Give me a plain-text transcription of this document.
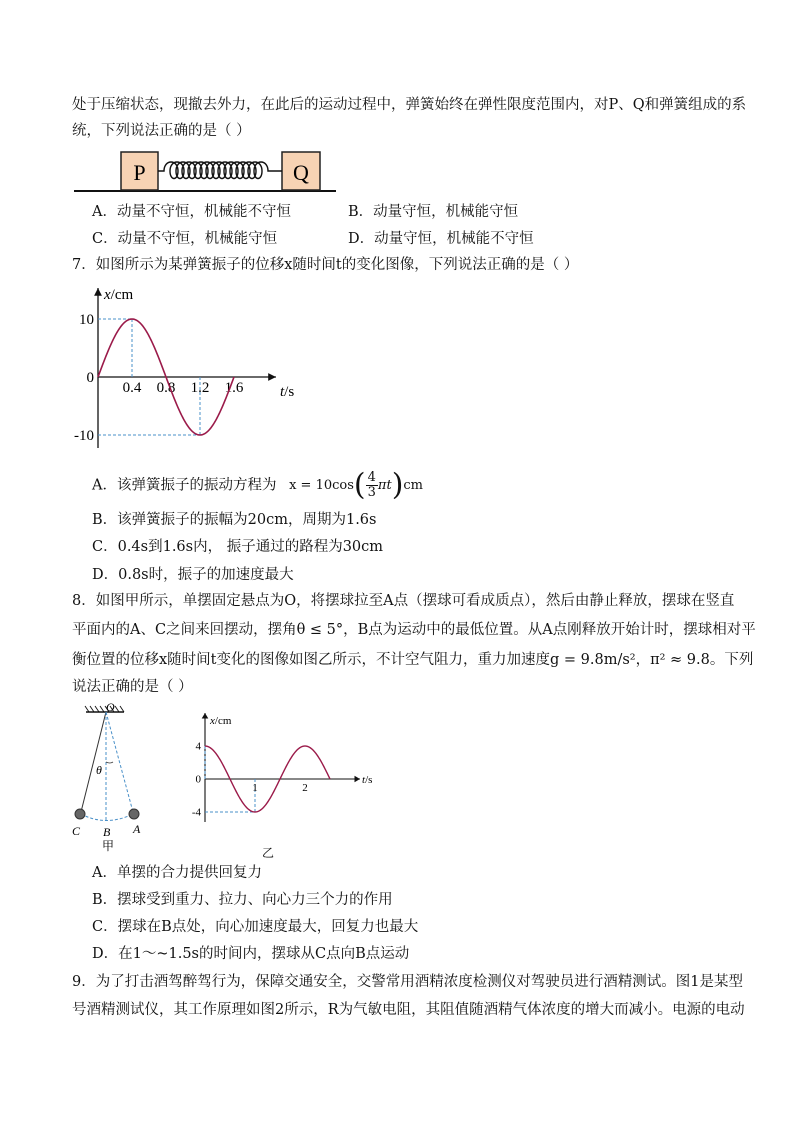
处于压缩状态，现撤去外力，在此后的运动过程中，弹簧始终在弹性限度范围内，对P、Q和弹簧组成的系
统，下列说法正确的是（ ）
P	Q
A．动量不守恒，机械能不守恒	B．动量守恒，机械能守恒
C．动量不守恒，机械能守恒	D．动量守恒，机械能不守恒
7．如图所示为某弹簧振子的位移x随时间t的变化图像，下列说法正确的是（ ）
x/cm
t/s
0.4 0.8 1.2 1.6
10
0
-10
A．该弹簧振子的振动方程为 $x = 10\cos( \frac{4}{3} \pi t)cm$
B．该弹簧振子的振幅为20cm，周期为1.6s
C．0.4s到1.6s内， 振子通过的路程为30cm
D．0.8s时，振子的加速度最大
8．如图甲所示，单摆固定悬点为O，将摆球拉至A点（摆球可看成质点），然后由静止释放，摆球在竖直
平面内的A、C之间来回摆动，摆角θ ≤ 5°，B点为运动中的最低位置。从A点刚释放开始计时，摆球相对平
衡位置的位移x随时间t变化的图像如图乙所示，不计空气阻力，重力加速度g = 9.8m/s²，π² ≈ 9.8。下列
说法正确的是（ ）
O
θ
C B A
甲
x/cm
t/s
1	2
4
0
-4
乙
A．单摆的合力提供回复力
B．摆球受到重力、拉力、向心力三个力的作用
C．摆球在B点处，向心加速度最大，回复力也最大
D．在1～~1.5s的时间内，摆球从C点向B点运动
9．为了打击酒驾醉驾行为，保障交通安全，交警常用酒精浓度检测仪对驾驶员进行酒精测试。图1是某型
号酒精测试仪，其工作原理如图2所示，R为气敏电阻，其阻值随酒精气体浓度的增大而减小。电源的电动
